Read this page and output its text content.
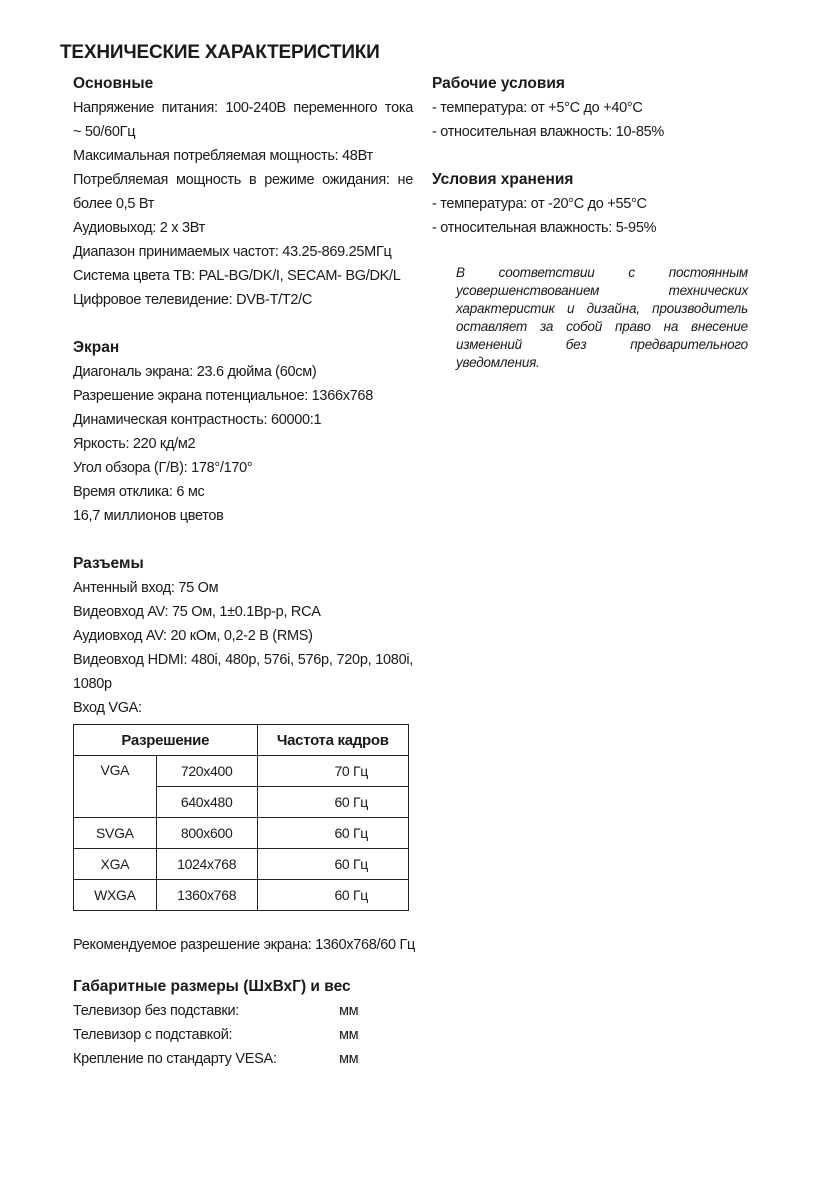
ТЕХНИЧЕСКИЕ ХАРАКТЕРИСТИКИ
Основные
Напряжение питания: 100-240В переменного тока
~ 50/60Гц
Максимальная потребляемая мощность: 48Вт
Потребляемая мощность в режиме ожидания: не
более 0,5 Вт
Аудиовыход: 2 х 3Вт
Диапазон принимаемых частот: 43.25-869.25МГц
Система цвета ТВ: PAL-BG/DK/I, SECAM- BG/DK/L
Цифровое телевидение: DVB-T/T2/C
Экран
Диагональ экрана: 23.6 дюйма (60см)
Разрешение экрана потенциальное: 1366x768
Динамическая контрастность: 60000:1
Яркость: 220 кд/м2
Угол обзора (Г/В): 178°/170°
Время отклика: 6 мс
16,7 миллионов цветов
Разъемы
Антенный вход: 75 Ом
Видеовход AV: 75 Ом, 1±0.1Вр-р, RCA
Аудиовход AV: 20 кОм, 0,2-2 В (RMS)
Видеовход HDMI: 480i, 480p, 576i, 576p, 720p, 1080i,
1080p
Вход VGA:
Разрешение		Частота кадров
VGA	720x400	70 Гц
	640x480	60 Гц
SVGA	800x600	60 Гц
XGA	1024x768	60 Гц
WXGA	1360x768	60 Гц
Рекомендуемое разрешение экрана: 1360x768/60 Гц
Габаритные размеры (ШхВхГ) и вес
Телевизор без подставки:	мм
Телевизор с подставкой:	мм
Крепление по стандарту VESA:	мм
Рабочие условия
- температура: от +5°С до +40°С
- относительная влажность: 10-85%
Условия хранения
- температура: от -20°С до +55°С
- относительная влажность: 5-95%
В соответствии с постоянным усовершенствованием технических характеристик и дизайна, производитель оставляет за собой право на внесение изменений без предварительного уведомления.
